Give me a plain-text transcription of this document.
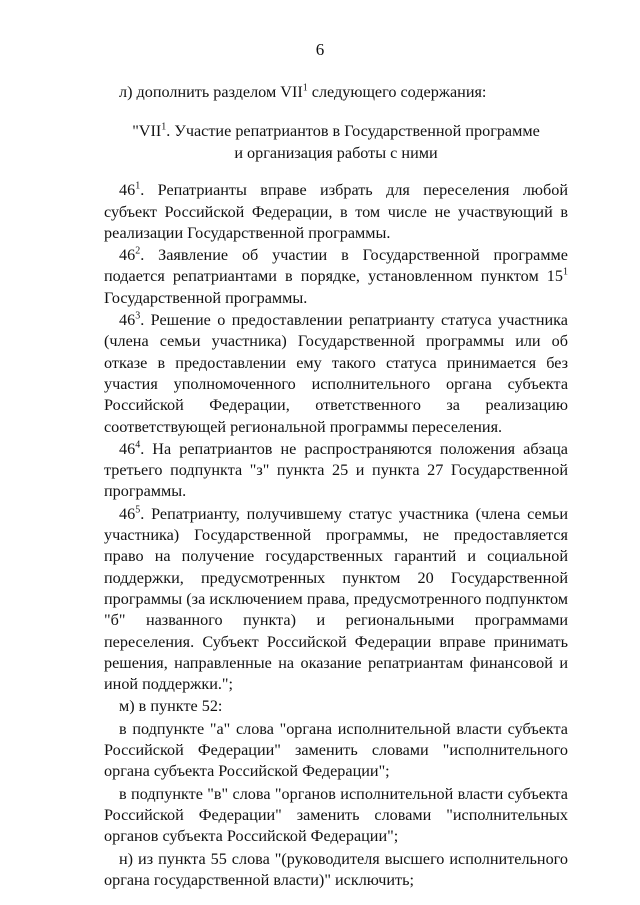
6

л) дополнить разделом VII$^1$ следующего содержания:

"VII$^1$. Участие репатриантов в Государственной программе
и организация работы с ними

$46^1$. Репатрианты вправе избрать для переселения любой субъект Российской Федерации, в том числе не участвующий в реализации Государственной программы.

$46^2$. Заявление об участии в Государственной программе подается репатриантами в порядке, установленном пунктом $15^1$ Государственной программы.

$46^3$. Решение о предоставлении репатрианту статуса участника (члена семьи участника) Государственной программы или об отказе в предоставлении ему такого статуса принимается без участия уполномоченного исполнительного органа субъекта Российской Федерации, ответственного за реализацию соответствующей региональной программы переселения.

$46^4$. На репатриантов не распространяются положения абзаца третьего подпункта "з" пункта 25 и пункта 27 Государственной программы.

$46^5$. Репатрианту, получившему статус участника (члена семьи участника) Государственной программы, не предоставляется право на получение государственных гарантий и социальной поддержки, предусмотренных пунктом 20 Государственной программы (за исключением права, предусмотренного подпунктом "б" названного пункта) и региональными программами переселения. Субъект Российской Федерации вправе принимать решения, направленные на оказание репатриантам финансовой и иной поддержки.";

м) в пункте 52:

в подпункте "а" слова "органа исполнительной власти субъекта Российской Федерации" заменить словами "исполнительного органа субъекта Российской Федерации";

в подпункте "в" слова "органов исполнительной власти субъекта Российской Федерации" заменить словами "исполнительных органов субъекта Российской Федерации";

н) из пункта 55 слова "(руководителя высшего исполнительного органа государственной власти)" исключить;
